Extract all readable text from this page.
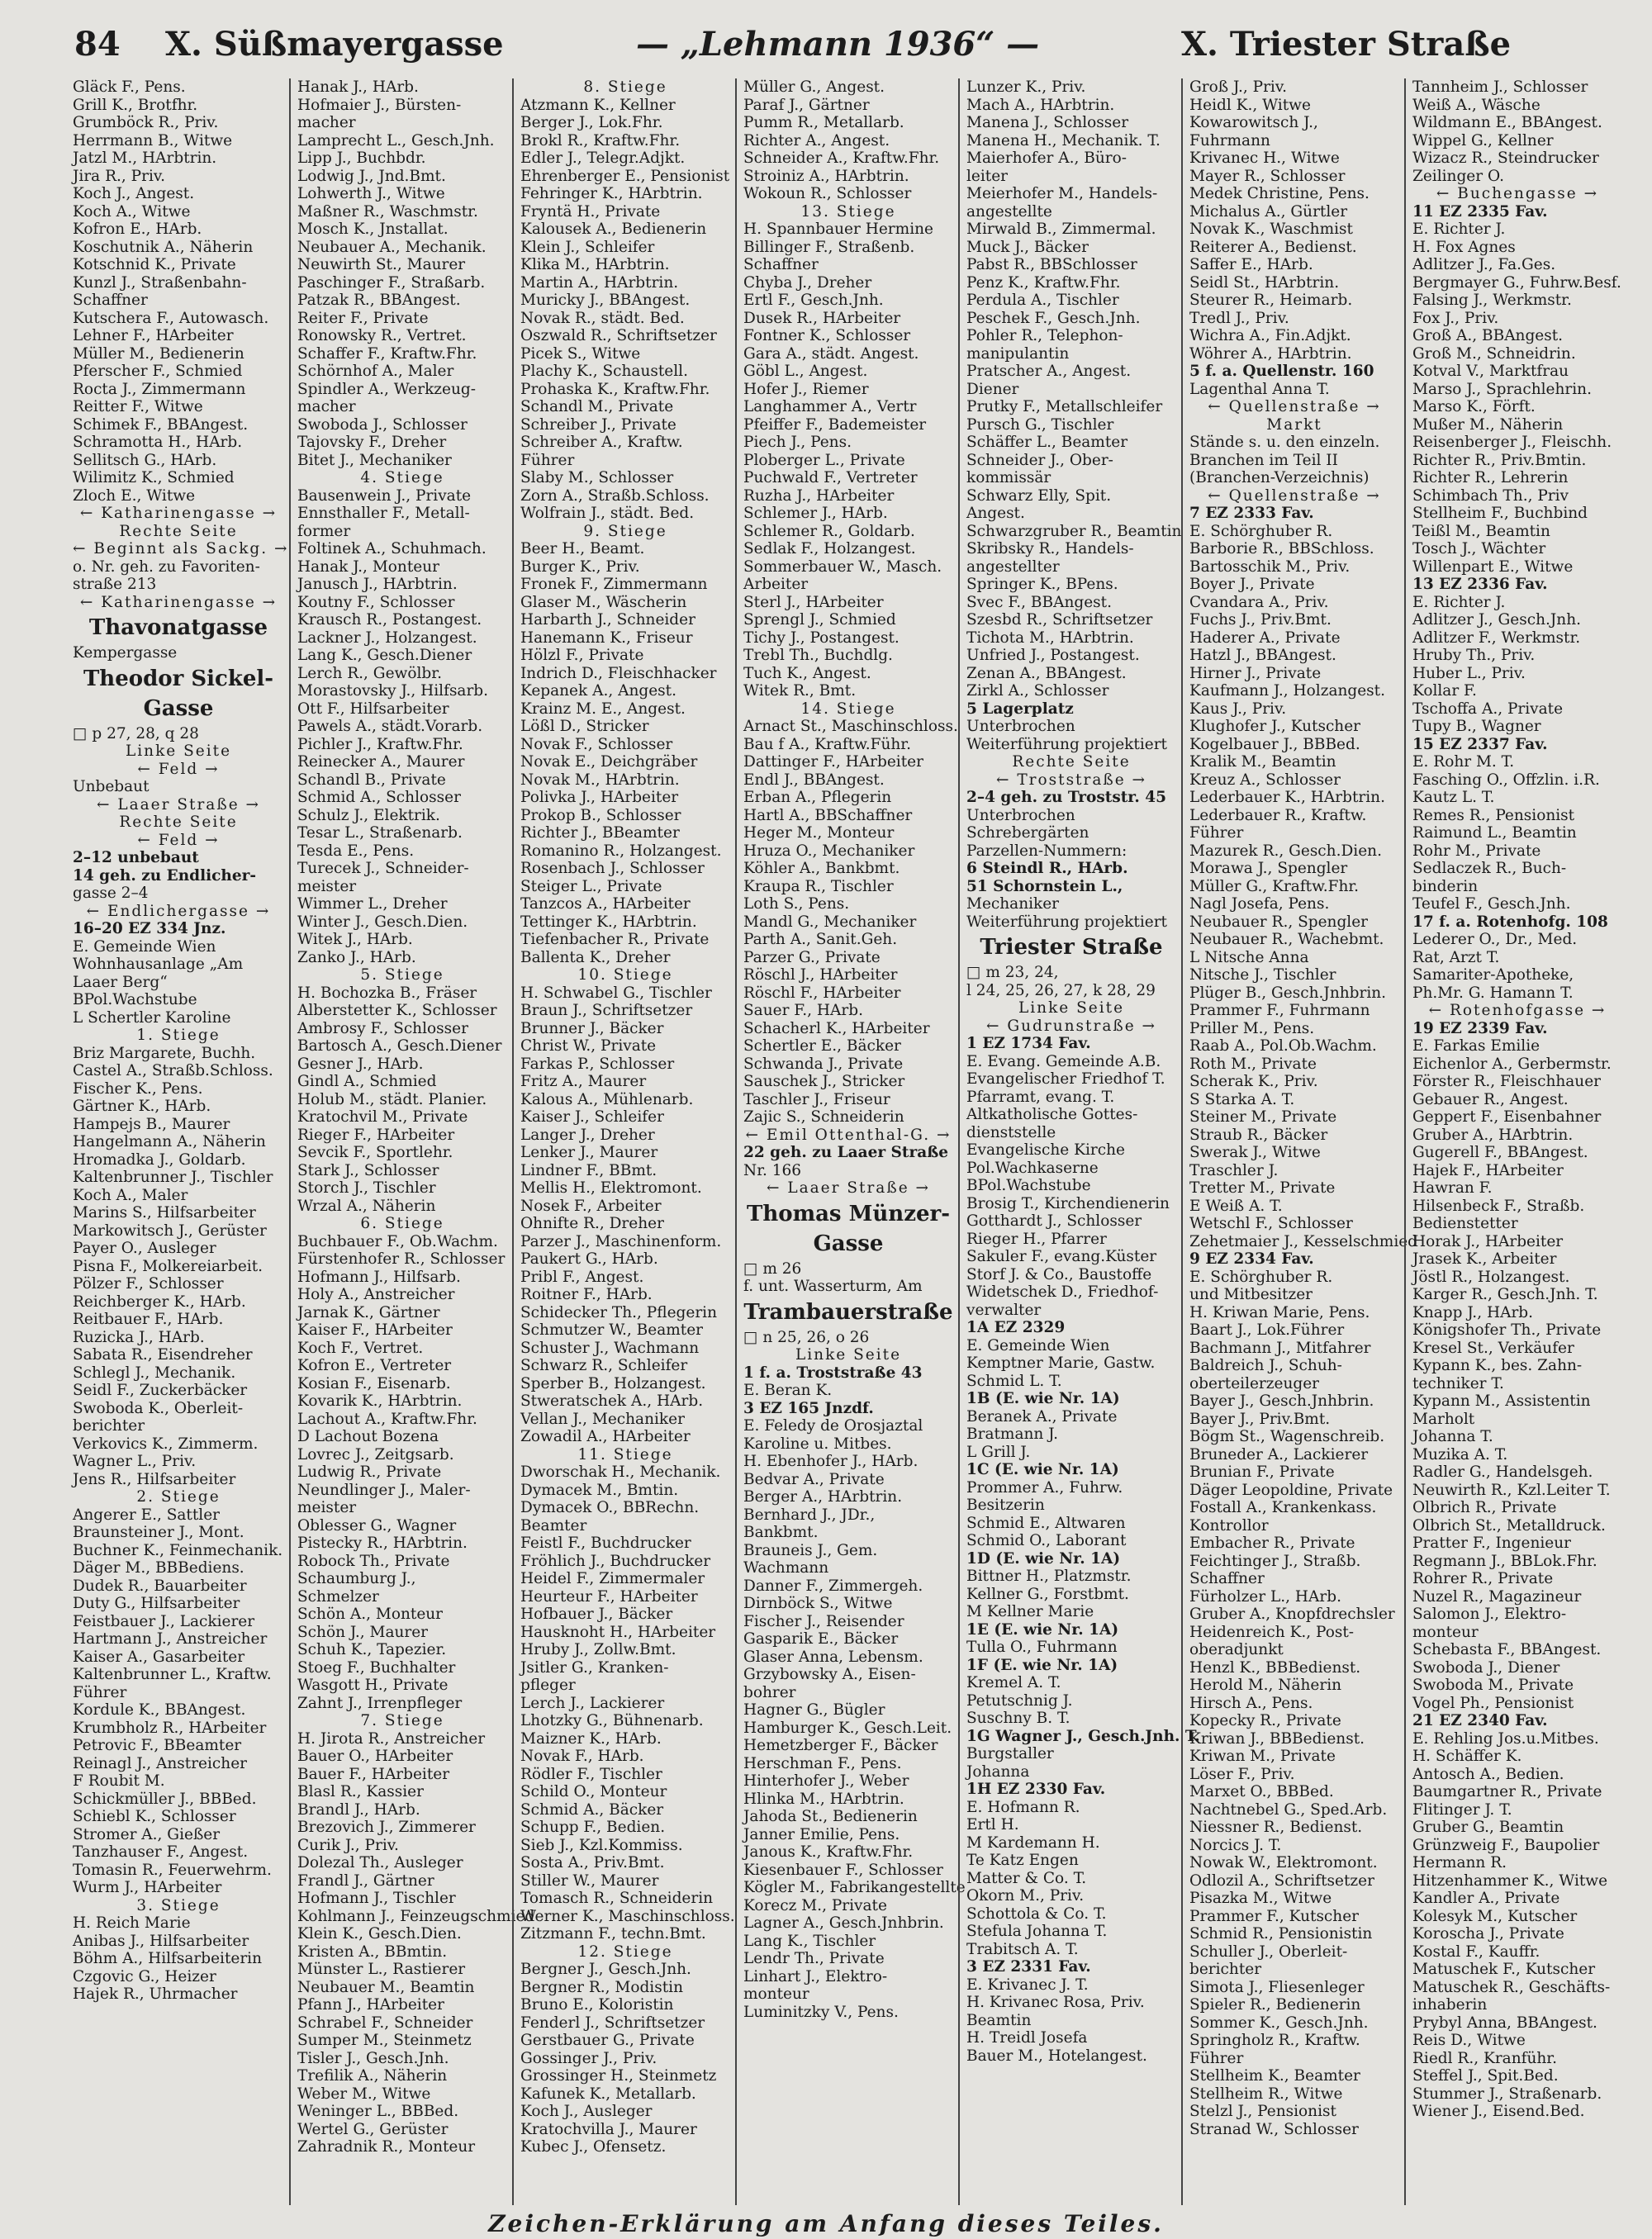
84 X. Süßmayergasse	— „Lehmann 1936“ —	X. Triester Straße
Gläck F., Pens.
Grill K., Brotfhr.
Grumböck R., Priv.
Herrmann B., Witwe
Jatzl M., HArbtrin.
Jira R., Priv.
Koch J., Angest.
Koch A., Witwe
Kofron E., HArb.
Koschutnik A., Näherin
Kotschnid K., Private
Kunzl J., Straßenbahn-
Schaffner
Kutschera F., Autowasch.
Lehner F., HArbeiter
Müller M., Bedienerin
Pferscher F., Schmied
Rocta J., Zimmermann
Reitter F., Witwe
Schimek F., BBAngest.
Schramotta H., HArb.
Sellitsch G., HArb.
Wilimitz K., Schmied
Zloch E., Witwe
← Katharinengasse →
Rechte Seite
← Beginnt als Sackg. →
o. Nr. geh. zu Favoriten-
straße 213
← Katharinengasse →
Thavonatgasse
Kempergasse
Theodor Sickel-
Gasse
□ p 27, 28, q 28
Linke Seite
← Feld →
Unbebaut
← Laaer Straße →
Rechte Seite
← Feld →
2–12 unbebaut
14 geh. zu Endlicher-
gasse 2–4
← Endlichergasse →
16–20 EZ 334 Jnz.
E. Gemeinde Wien
Wohnhausanlage „Am
Laaer Berg“
BPol.Wachstube
L Schertler Karoline
1. Stiege
Briz Margarete, Buchh.
Castel A., Straßb.Schloss.
Fischer K., Pens.
Gärtner K., HArb.
Hampejs B., Maurer
Hangelmann A., Näherin
Hromadka J., Goldarb.
Kaltenbrunner J., Tischler
Koch A., Maler
Marins S., Hilfsarbeiter
Markowitsch J., Gerüster
Payer O., Ausleger
Pisna F., Molkereiarbeit.
Pölzer F., Schlosser
Reichberger K., HArb.
Reitbauer F., HArb.
Ruzicka J., HArb.
Sabata R., Eisendreher
Schlegl J., Mechanik.
Seidl F., Zuckerbäcker
Swoboda K., Oberleit-
berichter
Verkovics K., Zimmerm.
Wagner L., Priv.
Jens R., Hilfsarbeiter
2. Stiege
Angerer E., Sattler
Braunsteiner J., Mont.
Buchner K., Feinmechanik.
Däger M., BBBediens.
Dudek R., Bauarbeiter
Duty G., Hilfsarbeiter
Feistbauer J., Lackierer
Hartmann J., Anstreicher
Kaiser A., Gasarbeiter
Kaltenbrunner L., Kraftw.
Führer
Kordule K., BBAngest.
Krumbholz R., HArbeiter
Petrovic F., BBeamter
Reinagl J., Anstreicher
F Roubit M.
Schickmüller J., BBBed.
Schiebl K., Schlosser
Stromer A., Gießer
Tanzhauser F., Angest.
Tomasin R., Feuerwehrm.
Wurm J., HArbeiter
3. Stiege
H. Reich Marie
Anibas J., Hilfsarbeiter
Böhm A., Hilfsarbeiterin
Czgovic G., Heizer
Hajek R., Uhrmacher
Hanak J., HArb.
Hofmaier J., Bürsten-
macher
Lamprecht L., Gesch.Jnh.
Lipp J., Buchbdr.
Lodwig J., Jnd.Bmt.
Lohwerth J., Witwe
Maßner R., Waschmstr.
Mosch K., Jnstallat.
Neubauer A., Mechanik.
Neuwirth St., Maurer
Paschinger F., Straßarb.
Patzak R., BBAngest.
Reiter F., Private
Ronowsky R., Vertret.
Schaffer F., Kraftw.Fhr.
Schörnhof A., Maler
Spindler A., Werkzeug-
macher
Swoboda J., Schlosser
Tajovsky F., Dreher
Bitet J., Mechaniker
4. Stiege
Bausenwein J., Private
Ennsthaller F., Metall-
former
Foltinek A., Schuhmach.
Hanak J., Monteur
Janusch J., HArbtrin.
Koutny F., Schlosser
Krausch R., Postangest.
Lackner J., Holzangest.
Lang K., Gesch.Diener
Lerch R., Gewölbr.
Morastovsky J., Hilfsarb.
Ott F., Hilfsarbeiter
Pawels A., städt.Vorarb.
Pichler J., Kraftw.Fhr.
Reinecker A., Maurer
Schandl B., Private
Schmid A., Schlosser
Schulz J., Elektrik.
Tesar L., Straßenarb.
Tesda E., Pens.
Turecek J., Schneider-
meister
Wimmer L., Dreher
Winter J., Gesch.Dien.
Witek J., HArb.
Zanko J., HArb.
5. Stiege
H. Bochozka B., Fräser
Alberstetter K., Schlosser
Ambrosy F., Schlosser
Bartosch A., Gesch.Diener
Gesner J., HArb.
Gindl A., Schmied
Holub M., städt. Planier.
Kratochvil M., Private
Rieger F., HArbeiter
Sevcik F., Sportlehr.
Stark J., Schlosser
Storch J., Tischler
Wrzal A., Näherin
6. Stiege
Buchbauer F., Ob.Wachm.
Fürstenhofer R., Schlosser
Hofmann J., Hilfsarb.
Holy A., Anstreicher
Jarnak K., Gärtner
Kaiser F., HArbeiter
Koch F., Vertret.
Kofron E., Vertreter
Kosian F., Eisenarb.
Kovarik K., HArbtrin.
Lachout A., Kraftw.Fhr.
D Lachout Bozena
Lovrec J., Zeitgsarb.
Ludwig R., Private
Neundlinger J., Maler-
meister
Oblesser G., Wagner
Pistecky R., HArbtrin.
Robock Th., Private
Schaumburg J.,
Schmelzer
Schön A., Monteur
Schön J., Maurer
Schuh K., Tapezier.
Stoeg F., Buchhalter
Wasgott H., Private
Zahnt J., Irrenpfleger
7. Stiege
H. Jirota R., Anstreicher
Bauer O., HArbeiter
Bauer F., HArbeiter
Blasl R., Kassier
Brandl J., HArb.
Brezovich J., Zimmerer
Curik J., Priv.
Dolezal Th., Ausleger
Frandl J., Gärtner
Hofmann J., Tischler
Kohlmann J., Feinzeugschmied
Klein K., Gesch.Dien.
Kristen A., BBmtin.
Münster L., Rastierer
Neubauer M., Beamtin
Pfann J., HArbeiter
Schrabel F., Schneider
Sumper M., Steinmetz
Tisler J., Gesch.Jnh.
Trefilik A., Näherin
Weber M., Witwe
Weninger L., BBBed.
Wertel G., Gerüster
Zahradnik R., Monteur
8. Stiege
Atzmann K., Kellner
Berger J., Lok.Fhr.
Brokl R., Kraftw.Fhr.
Edler J., Telegr.Adjkt.
Ehrenberger E., Pensionist
Fehringer K., HArbtrin.
Fryntä H., Private
Kalousek A., Bedienerin
Klein J., Schleifer
Klika M., HArbtrin.
Martin A., HArbtrin.
Muricky J., BBAngest.
Novak R., städt. Bed.
Oszwald R., Schriftsetzer
Picek S., Witwe
Plachy K., Schaustell.
Prohaska K., Kraftw.Fhr.
Schandl M., Private
Schreiber J., Private
Schreiber A., Kraftw.
Führer
Slaby M., Schlosser
Zorn A., Straßb.Schloss.
Wolfrain J., städt. Bed.
9. Stiege
Beer H., Beamt.
Burger K., Priv.
Fronek F., Zimmermann
Glaser M., Wäscherin
Harbarth J., Schneider
Hanemann K., Friseur
Hölzl F., Private
Indrich D., Fleischhacker
Kepanek A., Angest.
Krainz M. E., Angest.
Lößl D., Stricker
Novak F., Schlosser
Novak E., Deichgräber
Novak M., HArbtrin.
Polivka J., HArbeiter
Prokop B., Schlosser
Richter J., BBeamter
Romanino R., Holzangest.
Rosenbach J., Schlosser
Steiger L., Private
Tanzcos A., HArbeiter
Tettinger K., HArbtrin.
Tiefenbacher R., Private
Ballenta K., Dreher
10. Stiege
H. Schwabel G., Tischler
Braun J., Schriftsetzer
Brunner J., Bäcker
Christ W., Private
Farkas P., Schlosser
Fritz A., Maurer
Kalous A., Mühlenarb.
Kaiser J., Schleifer
Langer J., Dreher
Lenker J., Maurer
Lindner F., BBmt.
Mellis H., Elektromont.
Nosek F., Arbeiter
Ohnifte R., Dreher
Parzer J., Maschinenform.
Paukert G., HArb.
Pribl F., Angest.
Roitner F., HArb.
Schidecker Th., Pflegerin
Schmutzer W., Beamter
Schuster J., Wachmann
Schwarz R., Schleifer
Sperber B., Holzangest.
Stweratschek A., HArb.
Vellan J., Mechaniker
Zowadil A., HArbeiter
11. Stiege
Dworschak H., Mechanik.
Dymacek M., Bmtin.
Dymacek O., BBRechn.
Beamter
Feistl F., Buchdrucker
Fröhlich J., Buchdrucker
Heidel F., Zimmermaler
Heurteur F., HArbeiter
Hofbauer J., Bäcker
Hausknoht H., HArbeiter
Hruby J., Zollw.Bmt.
Jsitler G., Kranken-
pfleger
Lerch J., Lackierer
Lhotzky G., Bühnenarb.
Maizner K., HArb.
Novak F., HArb.
Rödler F., Tischler
Schild O., Monteur
Schmid A., Bäcker
Schupp F., Bedien.
Sieb J., Kzl.Kommiss.
Sosta A., Priv.Bmt.
Stiller W., Maurer
Tomasch R., Schneiderin
Werner K., Maschinschloss.
Zitzmann F., techn.Bmt.
12. Stiege
Bergner J., Gesch.Jnh.
Bergner R., Modistin
Bruno E., Koloristin
Fenderl J., Schriftsetzer
Gerstbauer G., Private
Gossinger J., Priv.
Grossinger H., Steinmetz
Kafunek K., Metallarb.
Koch J., Ausleger
Kratochvilla J., Maurer
Kubec J., Ofensetz.
Müller G., Angest.
Paraf J., Gärtner
Pumm R., Metallarb.
Richter A., Angest.
Schneider A., Kraftw.Fhr.
Stroiniz A., HArbtrin.
Wokoun R., Schlosser
13. Stiege
H. Spannbauer Hermine
Billinger F., Straßenb.
Schaffner
Chyba J., Dreher
Ertl F., Gesch.Jnh.
Dusek R., HArbeiter
Fontner K., Schlosser
Gara A., städt. Angest.
Göbl L., Angest.
Hofer J., Riemer
Langhammer A., Vertr
Pfeiffer F., Bademeister
Piech J., Pens.
Ploberger L., Private
Puchwald F., Vertreter
Ruzha J., HArbeiter
Schlemer J., HArb.
Schlemer R., Goldarb.
Sedlak F., Holzangest.
Sommerbauer W., Masch.
Arbeiter
Sterl J., HArbeiter
Sprengl J., Schmied
Tichy J., Postangest.
Trebl Th., Buchdlg.
Tuch K., Angest.
Witek R., Bmt.
14. Stiege
Arnact St., Maschinschloss.
Bau f A., Kraftw.Führ.
Dattinger F., HArbeiter
Endl J., BBAngest.
Erban A., Pflegerin
Hartl A., BBSchaffner
Heger M., Monteur
Hruza O., Mechaniker
Köhler A., Bankbmt.
Kraupa R., Tischler
Loth S., Pens.
Mandl G., Mechaniker
Parth A., Sanit.Geh.
Parzer G., Private
Röschl J., HArbeiter
Röschl F., HArbeiter
Sauer F., HArb.
Schacherl K., HArbeiter
Schertler E., Bäcker
Schwanda J., Private
Sauschek J., Stricker
Taschler J., Friseur
Zajic S., Schneiderin
← Emil Ottenthal-G. →
22 geh. zu Laaer Straße
Nr. 166
← Laaer Straße →
Thomas Münzer-
Gasse
□ m 26
f. unt. Wasserturm, Am
Trambauerstraße
□ n 25, 26, o 26
Linke Seite
1 f. a. Troststraße 43
E. Beran K.
3 EZ 165 Jnzdf.
E. Feledy de Orosjaztal
Karoline u. Mitbes.
H. Ebenhofer J., HArb.
Bedvar A., Private
Berger A., HArbtrin.
Bernhard J., JDr.,
Bankbmt.
Brauneis J., Gem.
Wachmann
Danner F., Zimmergeh.
Dirnböck S., Witwe
Fischer J., Reisender
Gasparik E., Bäcker
Glaser Anna, Lebensm.
Grzybowsky A., Eisen-
bohrer
Hagner G., Bügler
Hamburger K., Gesch.Leit.
Hemetzberger F., Bäcker
Herschman F., Pens.
Hinterhofer J., Weber
Hlinka M., HArbtrin.
Jahoda St., Bedienerin
Janner Emilie, Pens.
Janous K., Kraftw.Fhr.
Kiesenbauer F., Schlosser
Kögler M., Fabrikangestellte
Korecz M., Private
Lagner A., Gesch.Jnhbrin.
Lang K., Tischler
Lendr Th., Private
Linhart J., Elektro-
monteur
Luminitzky V., Pens.
Lunzer K., Priv.
Mach A., HArbtrin.
Manena J., Schlosser
Manena H., Mechanik. T.
Maierhofer A., Büro-
leiter
Meierhofer M., Handels-
angestellte
Mirwald B., Zimmermal.
Muck J., Bäcker
Pabst R., BBSchlosser
Penz K., Kraftw.Fhr.
Perdula A., Tischler
Peschek F., Gesch.Jnh.
Pohler R., Telephon-
manipulantin
Pratscher A., Angest.
Diener
Prutky F., Metallschleifer
Pursch G., Tischler
Schäffer L., Beamter
Schneider J., Ober-
kommissär
Schwarz Elly, Spit.
Angest.
Schwarzgruber R., Beamtin
Skribsky R., Handels-
angestellter
Springer K., BPens.
Svec F., BBAngest.
Szesbd R., Schriftsetzer
Tichota M., HArbtrin.
Unfried J., Postangest.
Zenan A., BBAngest.
Zirkl A., Schlosser
5 Lagerplatz
Unterbrochen
Weiterführung projektiert
Rechte Seite
← Troststraße →
2–4 geh. zu Troststr. 45
Unterbrochen
Schrebergärten
Parzellen-Nummern:
6 Steindl R., HArb.
51 Schornstein L.,
Mechaniker
Weiterführung projektiert
Triester Straße
□ m 23, 24,
l 24, 25, 26, 27, k 28, 29
Linke Seite
← Gudrunstraße →
1 EZ 1734 Fav.
E. Evang. Gemeinde A.B.
Evangelischer Friedhof T.
Pfarramt, evang. T.
Altkatholische Gottes-
dienststelle
Evangelische Kirche
Pol.Wachkaserne
BPol.Wachstube
Brosig T., Kirchendienerin
Gotthardt J., Schlosser
Rieger H., Pfarrer
Sakuler F., evang.Küster
Storf J. & Co., Baustoffe
Widetschek D., Friedhof-
verwalter
1A EZ 2329
E. Gemeinde Wien
Kemptner Marie, Gastw.
Schmid L. T.
1B (E. wie Nr. 1A)
Beranek A., Private
Bratmann J.
L Grill J.
1C (E. wie Nr. 1A)
Prommer A., Fuhrw.
Besitzerin
Schmid E., Altwaren
Schmid O., Laborant
1D (E. wie Nr. 1A)
Bittner H., Platzmstr.
Kellner G., Forstbmt.
M Kellner Marie
1E (E. wie Nr. 1A)
Tulla O., Fuhrmann
1F (E. wie Nr. 1A)
Kremel A. T.
Petutschnig J.
Suschny B. T.
1G Wagner J., Gesch.Jnh. T.
Burgstaller
Johanna
1H EZ 2330 Fav.
E. Hofmann R.
Ertl H.
M Kardemann H.
Te Katz Engen
Matter & Co. T.
Okorn M., Priv.
Schottola & Co. T.
Stefula Johanna T.
Trabitsch A. T.
3 EZ 2331 Fav.
E. Krivanec J. T.
H. Krivanec Rosa, Priv.
Beamtin
H. Treidl Josefa
Bauer M., Hotelangest.
Groß J., Priv.
Heidl K., Witwe
Kowarowitsch J.,
Fuhrmann
Krivanec H., Witwe
Mayer R., Schlosser
Medek Christine, Pens.
Michalus A., Gürtler
Novak K., Waschmist
Reiterer A., Bedienst.
Saffer E., HArb.
Seidl St., HArbtrin.
Steurer R., Heimarb.
Tredl J., Priv.
Wichra A., Fin.Adjkt.
Wöhrer A., HArbtrin.
5 f. a. Quellenstr. 160
Lagenthal Anna T.
← Quellenstraße →
Markt
Stände s. u. den einzeln.
Branchen im Teil II
(Branchen-Verzeichnis)
← Quellenstraße →
7 EZ 2333 Fav.
E. Schörghuber R.
Barborie R., BBSchloss.
Bartosschik M., Priv.
Boyer J., Private
Cvandara A., Priv.
Fuchs J., Priv.Bmt.
Haderer A., Private
Hatzl J., BBAngest.
Hirner J., Private
Kaufmann J., Holzangest.
Kaus J., Priv.
Klughofer J., Kutscher
Kogelbauer J., BBBed.
Kralik M., Beamtin
Kreuz A., Schlosser
Lederbauer K., HArbtrin.
Lederbauer R., Kraftw.
Führer
Mazurek R., Gesch.Dien.
Morawa J., Spengler
Müller G., Kraftw.Fhr.
Nagl Josefa, Pens.
Neubauer R., Spengler
Neubauer R., Wachebmt.
L Nitsche Anna
Nitsche J., Tischler
Plüger B., Gesch.Jnhbrin.
Prammer F., Fuhrmann
Priller M., Pens.
Raab A., Pol.Ob.Wachm.
Roth M., Private
Scherak K., Priv.
S Starka A. T.
Steiner M., Private
Straub R., Bäcker
Swerak J., Witwe
Traschler J.
Tretter M., Private
E Weiß A. T.
Wetschl F., Schlosser
Zehetmaier J., Kesselschmied
9 EZ 2334 Fav.
E. Schörghuber R.
und Mitbesitzer
H. Kriwan Marie, Pens.
Baart J., Lok.Führer
Bachmann J., Mitfahrer
Baldreich J., Schuh-
oberteilerzeuger
Bayer J., Gesch.Jnhbrin.
Bayer J., Priv.Bmt.
Bögm St., Wagenschreib.
Bruneder A., Lackierer
Brunian F., Private
Däger Leopoldine, Private
Fostall A., Krankenkass.
Kontrollor
Embacher R., Private
Feichtinger J., Straßb.
Schaffner
Fürholzer L., HArb.
Gruber A., Knopfdrechsler
Heidenreich K., Post-
oberadjunkt
Henzl K., BBBedienst.
Herold M., Näherin
Hirsch A., Pens.
Kopecky R., Private
Kriwan J., BBBedienst.
Kriwan M., Private
Löser F., Priv.
Marxet O., BBBed.
Nachtnebel G., Sped.Arb.
Niessner R., Bedienst.
Norcics J. T.
Nowak W., Elektromont.
Odlozil A., Schriftsetzer
Pisazka M., Witwe
Prammer F., Kutscher
Schmid R., Pensionistin
Schuller J., Oberleit-
berichter
Simota J., Fliesenleger
Spieler R., Bedienerin
Sommer K., Gesch.Jnh.
Springholz R., Kraftw.
Führer
Stellheim K., Beamter
Stellheim R., Witwe
Stelzl J., Pensionist
Stranad W., Schlosser
Tannheim J., Schlosser
Weiß A., Wäsche
Wildmann E., BBAngest.
Wippel G., Kellner
Wizacz R., Steindrucker
Zeilinger O.
← Buchengasse →
11 EZ 2335 Fav.
E. Richter J.
H. Fox Agnes
Adlitzer J., Fa.Ges.
Bergmayer G., Fuhrw.Besf.
Falsing J., Werkmstr.
Fox J., Priv.
Groß A., BBAngest.
Groß M., Schneidrin.
Kotval V., Marktfrau
Marso J., Sprachlehrin.
Marso K., Förft.
Mußer M., Näherin
Reisenberger J., Fleischh.
Richter R., Priv.Bmtin.
Richter R., Lehrerin
Schimbach Th., Priv
Stellheim F., Buchbind
Teißl M., Beamtin
Tosch J., Wächter
Willenpart E., Witwe
13 EZ 2336 Fav.
E. Richter J.
Adlitzer J., Gesch.Jnh.
Adlitzer F., Werkmstr.
Hruby Th., Priv.
Huber L., Priv.
Kollar F.
Tschoffa A., Private
Tupy B., Wagner
15 EZ 2337 Fav.
E. Rohr M. T.
Fasching O., Offzlin. i.R.
Kautz L. T.
Remes R., Pensionist
Raimund L., Beamtin
Rohr M., Private
Sedlaczek R., Buch-
binderin
Teufel F., Gesch.Jnh.
17 f. a. Rotenhofg. 108
Lederer O., Dr., Med.
Rat, Arzt T.
Samariter-Apotheke,
Ph.Mr. G. Hamann T.
← Rotenhofgasse →
19 EZ 2339 Fav.
E. Farkas Emilie
Eichenlor A., Gerbermstr.
Förster R., Fleischhauer
Gebauer R., Angest.
Geppert F., Eisenbahner
Gruber A., HArbtrin.
Gugerell F., BBAngest.
Hajek F., HArbeiter
Hawran F.
Hilsenbeck F., Straßb.
Bedienstetter
Horak J., HArbeiter
Jrasek K., Arbeiter
Jöstl R., Holzangest.
Karger R., Gesch.Jnh. T.
Knapp J., HArb.
Königshofer Th., Private
Kresel St., Verkäufer
Kypann K., bes. Zahn-
techniker T.
Kypann M., Assistentin
Marholt
Johanna T.
Muzika A. T.
Radler G., Handelsgeh.
Neuwirth R., Kzl.Leiter T.
Olbrich R., Private
Olbrich St., Metalldruck.
Pratter F., Ingenieur
Regmann J., BBLok.Fhr.
Rohrer R., Private
Nuzel R., Magazineur
Salomon J., Elektro-
monteur
Schebasta F., BBAngest.
Swoboda J., Diener
Swoboda M., Private
Vogel Ph., Pensionist
21 EZ 2340 Fav.
E. Rehling Jos.u.Mitbes.
H. Schäffer K.
Antosch A., Bedien.
Baumgartner R., Private
Flitinger J. T.
Gruber G., Beamtin
Grünzweig F., Baupolier
Hermann R.
Hitzenhammer K., Witwe
Kandler A., Private
Kolesyk M., Kutscher
Koroscha J., Private
Kostal F., Kauffr.
Matuschek F., Kutscher
Matuschek R., Geschäfts-
inhaberin
Prybyl Anna, BBAngest.
Reis D., Witwe
Riedl R., Kranführ.
Steffel J., Spit.Bed.
Stummer J., Straßenarb.
Wiener J., Eisend.Bed.
Zeichen-Erklärung am Anfang dieses Teiles.
